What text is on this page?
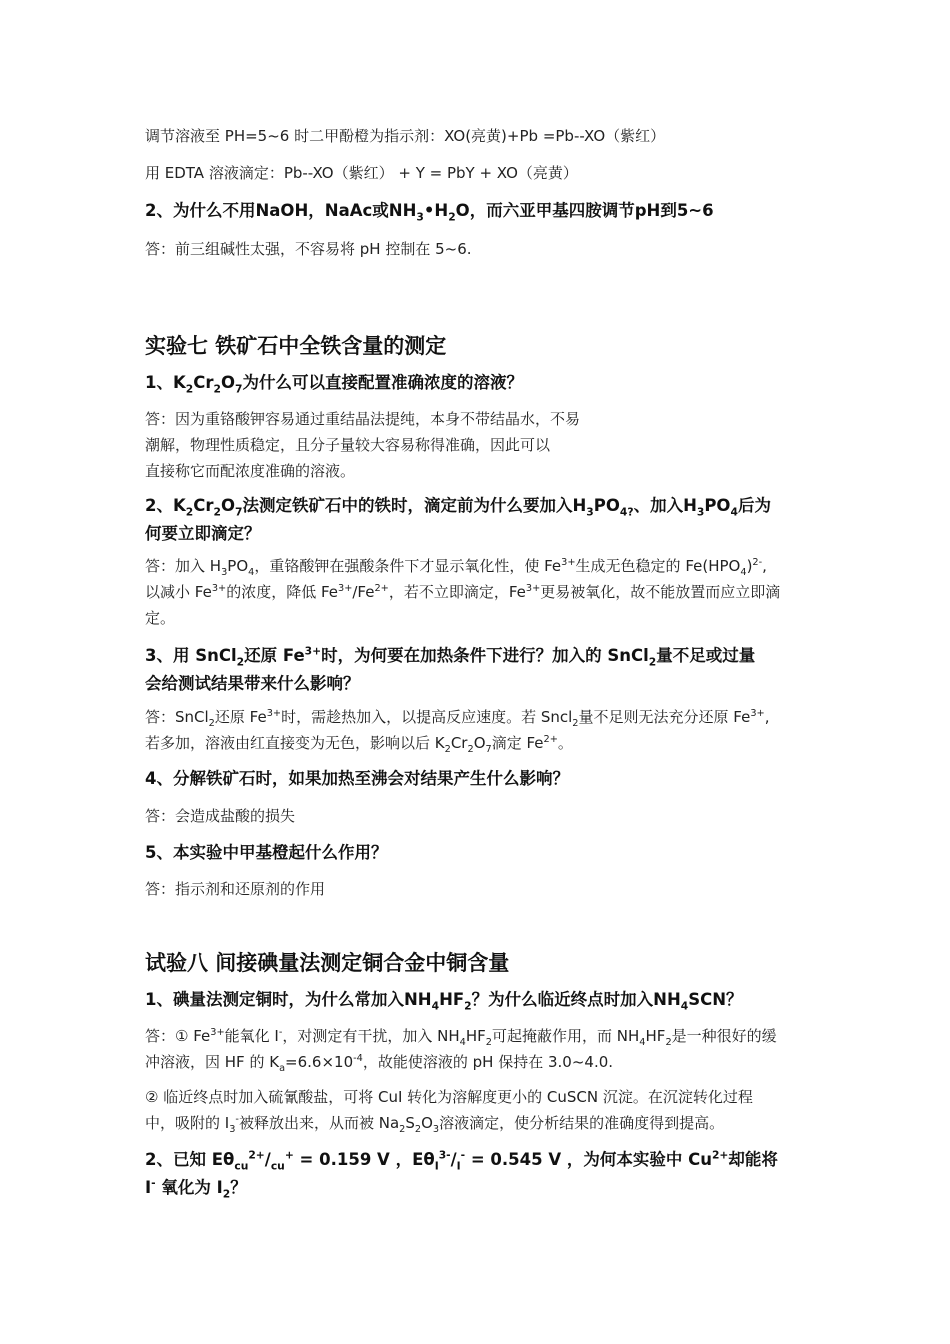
调节溶液至 PH=5~6 时二甲酚橙为指示剂：XO(亮黄)+Pb =Pb--XO（紫红）
用 EDTA 溶液滴定：Pb--XO（紫红） + Y = PbY + XO（亮黄）
2、为什么不用NaOH，NaAc或$NH_3•H_2O$，而六亚甲基四胺调节pH到5~6
答：前三组碱性太强，不容易将 pH 控制在 5~6.
实验七 铁矿石中全铁含量的测定
1、$K_2Cr_2O_7$为什么可以直接配置准确浓度的溶液？
答：因为重铬酸钾容易通过重结晶法提纯，本身不带结晶水，不易
潮解，物理性质稳定，且分子量较大容易称得准确，因此可以
直接称它而配浓度准确的溶液。
2、$K_2Cr_2O_7$法测定铁矿石中的铁时，滴定前为什么要加入$H_3PO_{4?}$、加入$H_3PO_4$后为
何要立即滴定？
答：加入 $H_3PO_4$，重铬酸钾在强酸条件下才显示氧化性，使 $Fe^{3+}$生成无色稳定的 $Fe(HPO_4)^{2-}$,
以减小 $Fe^{3+}$的浓度，降低 $Fe^{3+}/Fe^{2+}$，若不立即滴定，$Fe^{3+}$更易被氧化，故不能放置而应立即滴
定。
3、用 SnCl$_2$还原 $Fe^{3+}$时，为何要在加热条件下进行？加入的 SnCl$_2$量不足或过量
会给测试结果带来什么影响？
答：SnCl$_2$还原 $Fe^{3+}$时，需趁热加入，以提高反应速度。若 Sncl$_2$量不足则无法充分还原 $Fe^{3+}$,
若多加，溶液由红直接变为无色，影响以后 $K_2Cr_2O_7$滴定 $Fe^{2+}$。
4、分解铁矿石时，如果加热至沸会对结果产生什么影响？
答：会造成盐酸的损失
5、本实验中甲基橙起什么作用？
答：指示剂和还原剂的作用
试验八 间接碘量法测定铜合金中铜含量
1、碘量法测定铜时，为什么常加入$NH_4HF_2$？为什么临近终点时加入$NH_4SCN$？
答：① $Fe^{3+}$能氧化 I-，对测定有干扰，加入 $NH_4HF_2$可起掩蔽作用，而 $NH_4HF_2$是一种很好的缓
冲溶液，因 HF 的 $K_a=6.6\times 10^{-4}$，故能使溶液的 pH 保持在 3.0~4.0.
② 临近终点时加入硫氰酸盐，可将 CuI 转化为溶解度更小的 CuSCN 沉淀。在沉淀转化过程
中，吸附的 $I_3^-$被释放出来，从而被 $Na_2S_2O_3$溶液滴定，使分析结果的准确度得到提高。
2、已知 $E\theta_{cu}^{2+}/_{cu}^+ = 0.159$ V ，$E\theta_I^{3-}/_I^- = 0.545$ V ，为何本实验中 $Cu^{2+}$却能将
I- 氧化为 $I_2$？
